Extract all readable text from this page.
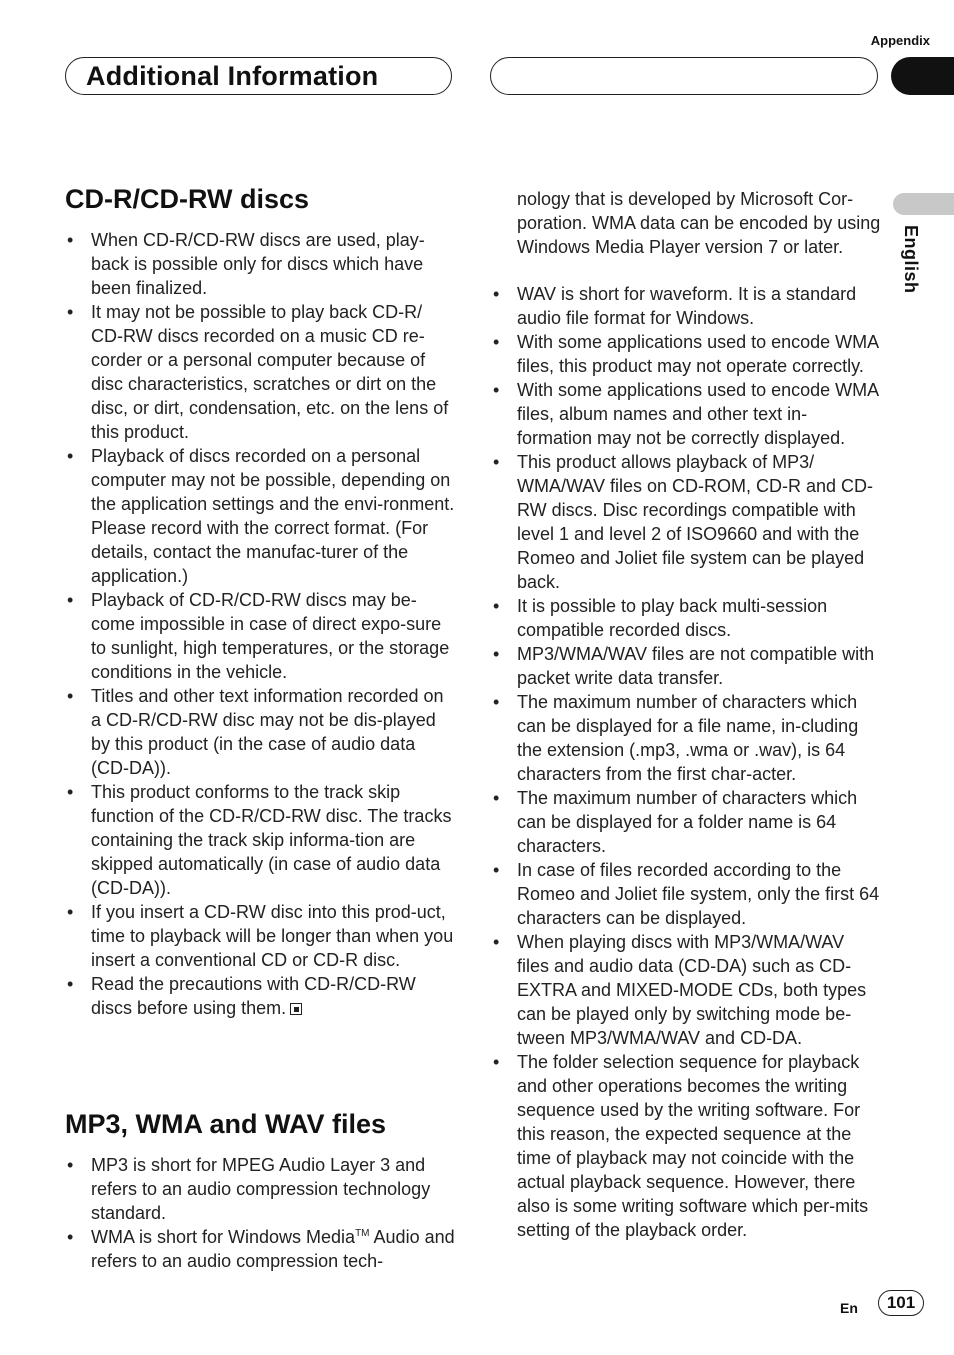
Appendix
Additional Information
English
CD-R/CD-RW discs
• When CD-R/CD-RW discs are used, play-back is possible only for discs which have been finalized.
• It may not be possible to play back CD-R/ CD-RW discs recorded on a music CD re-corder or a personal computer because of disc characteristics, scratches or dirt on the disc, or dirt, condensation, etc. on the lens of this product.
• Playback of discs recorded on a personal computer may not be possible, depending on the application settings and the envi-ronment. Please record with the correct format. (For details, contact the manufac-turer of the application.)
• Playback of CD-R/CD-RW discs may be-come impossible in case of direct expo-sure to sunlight, high temperatures, or the storage conditions in the vehicle.
• Titles and other text information recorded on a CD-R/CD-RW disc may not be dis-played by this product (in the case of audio data (CD-DA)).
• This product conforms to the track skip function of the CD-R/CD-RW disc. The tracks containing the track skip informa-tion are skipped automatically (in case of audio data (CD-DA)).
• If you insert a CD-RW disc into this prod-uct, time to playback will be longer than when you insert a conventional CD or CD-R disc.
• Read the precautions with CD-R/CD-RW discs before using them.
MP3, WMA and WAV files
• MP3 is short for MPEG Audio Layer 3 and refers to an audio compression technology standard.
• WMA is short for Windows Media™ Audio and refers to an audio compression tech-
nology that is developed by Microsoft Cor-poration. WMA data can be encoded by using Windows Media Player version 7 or later.
• WAV is short for waveform. It is a standard audio file format for Windows.
• With some applications used to encode WMA files, this product may not operate correctly.
• With some applications used to encode WMA files, album names and other text in-formation may not be correctly displayed.
• This product allows playback of MP3/ WMA/WAV files on CD-ROM, CD-R and CD-RW discs. Disc recordings compatible with level 1 and level 2 of ISO9660 and with the Romeo and Joliet file system can be played back.
• It is possible to play back multi-session compatible recorded discs.
• MP3/WMA/WAV files are not compatible with packet write data transfer.
• The maximum number of characters which can be displayed for a file name, in-cluding the extension (.mp3, .wma or .wav), is 64 characters from the first char-acter.
• The maximum number of characters which can be displayed for a folder name is 64 characters.
• In case of files recorded according to the Romeo and Joliet file system, only the first 64 characters can be displayed.
• When playing discs with MP3/WMA/WAV files and audio data (CD-DA) such as CD-EXTRA and MIXED-MODE CDs, both types can be played only by switching mode be-tween MP3/WMA/WAV and CD-DA.
• The folder selection sequence for playback and other operations becomes the writing sequence used by the writing software. For this reason, the expected sequence at the time of playback may not coincide with the actual playback sequence. However, there also is some writing software which per-mits setting of the playback order.
En	101
